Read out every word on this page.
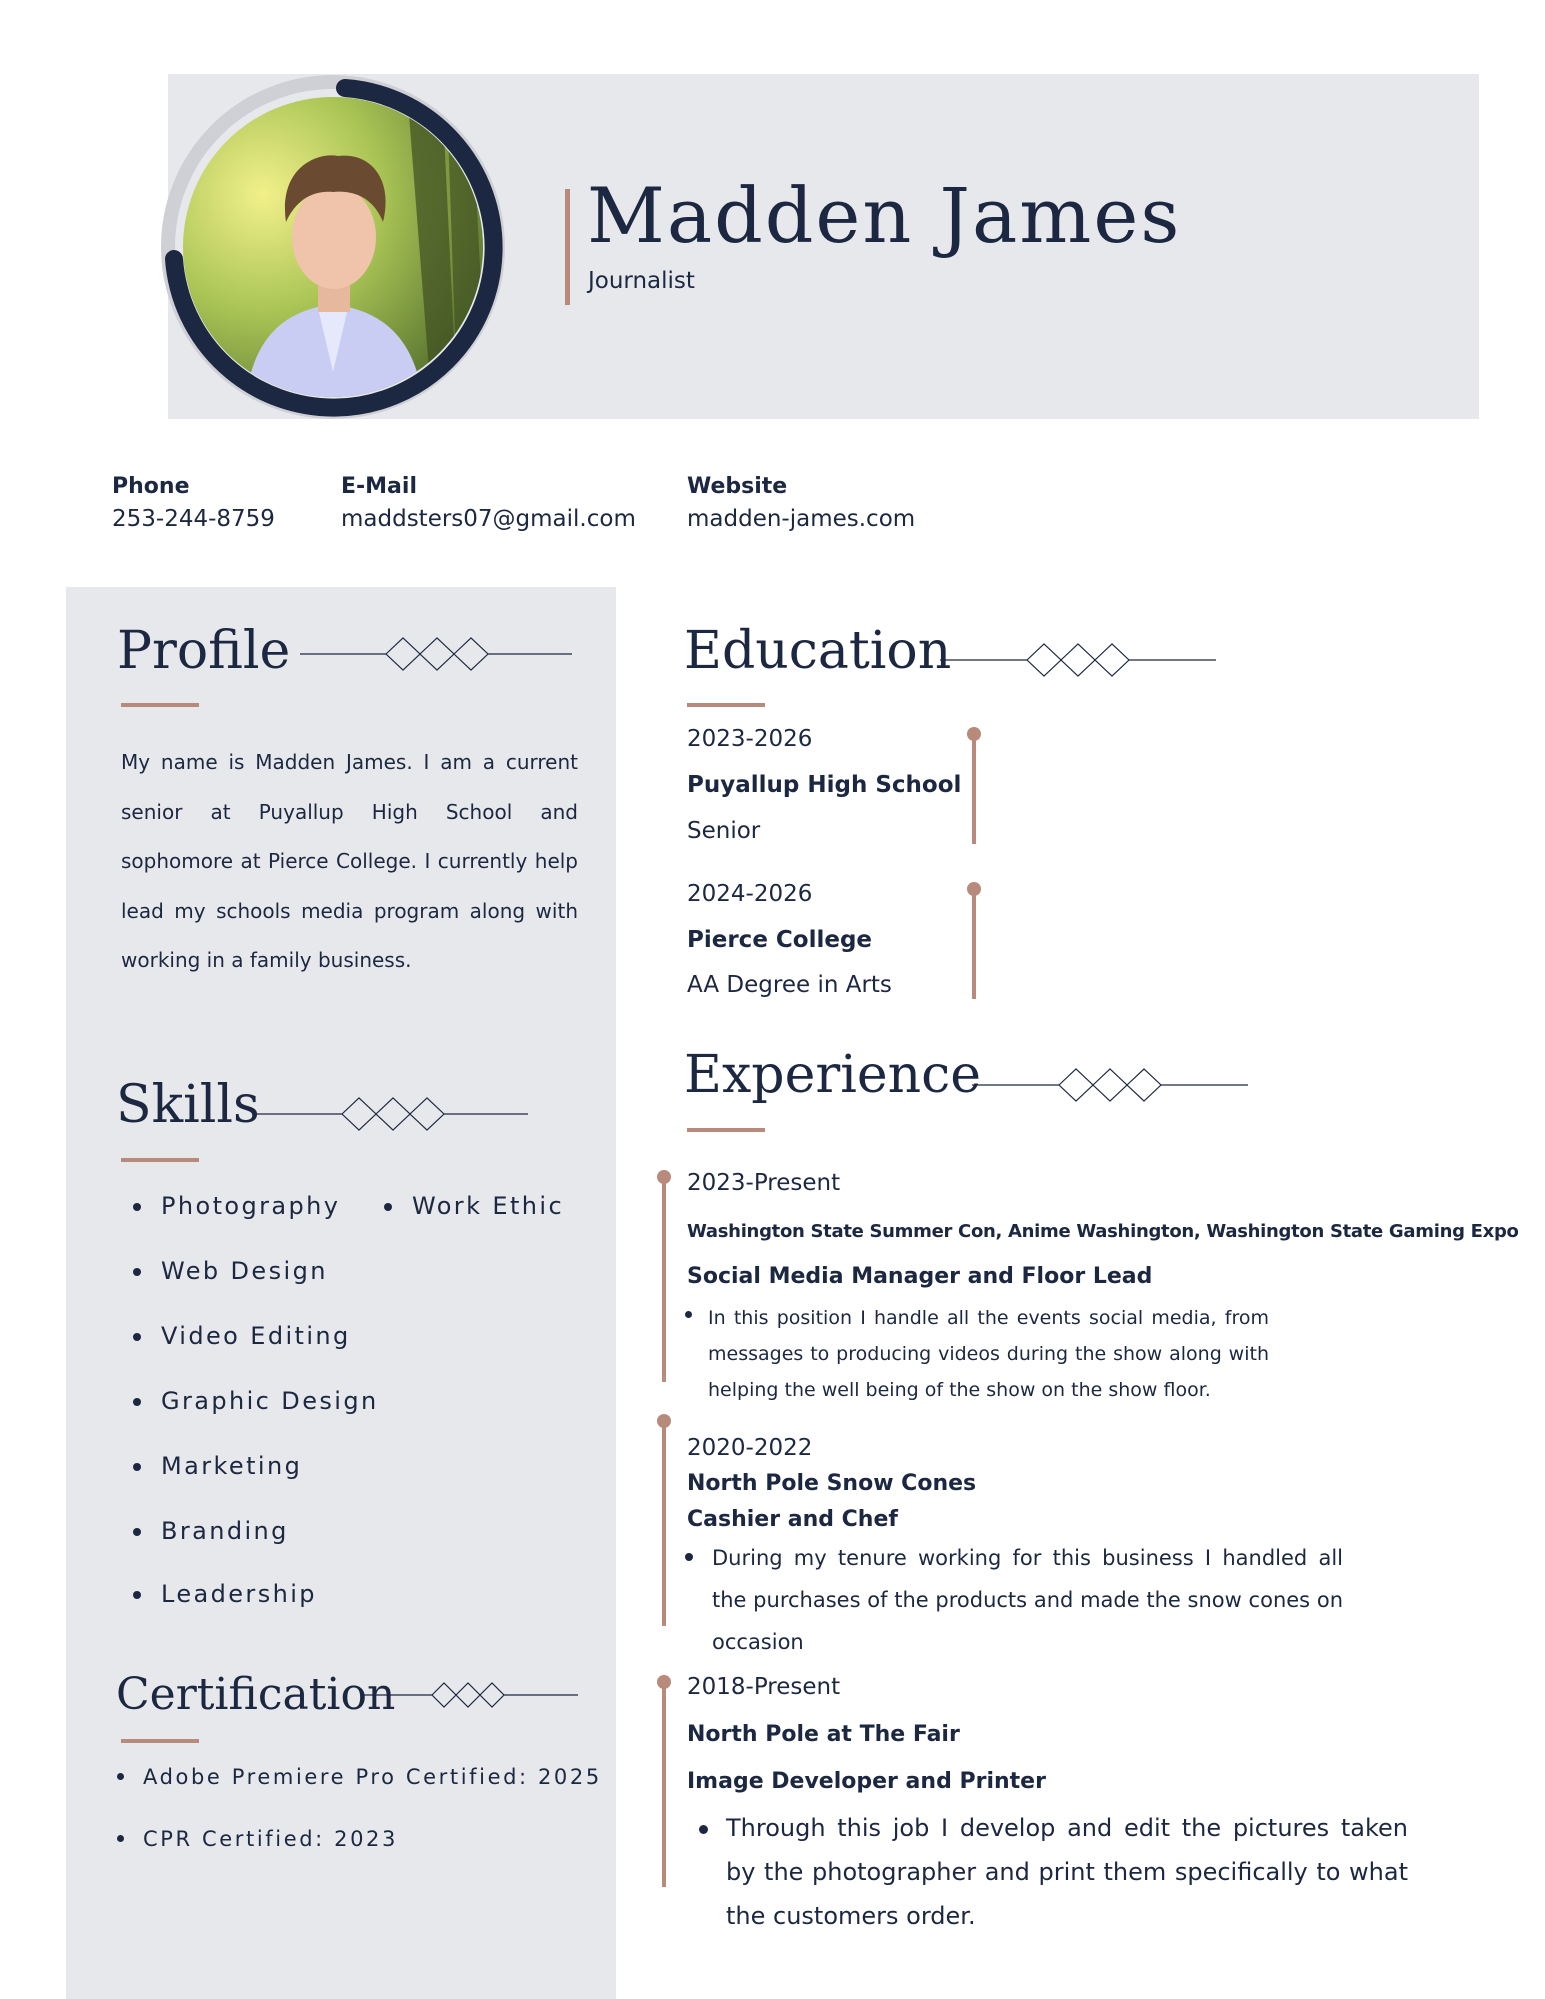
Madden James
Journalist
Phone
253-244-8759
E-Mail
maddsters07@gmail.com
Website
madden-james.com
Profile
My name is Madden James. I am a current senior at Puyallup High School and sophomore at Pierce College. I currently help lead my schools media program along with working in a family business.
Skills
Photography	Work Ethic
Web Design
Video Editing
Graphic Design
Marketing
Branding
Leadership
Certification
Adobe Premiere Pro Certified: 2025
CPR Certified: 2023
Education
2023-2026
Puyallup High School
Senior
2024-2026
Pierce College
AA Degree in Arts
Experience
2023-Present
Washington State Summer Con, Anime Washington, Washington State Gaming Expo
Social Media Manager and Floor Lead
In this position I handle all the events social media, from messages to producing videos during the show along with helping the well being of the show on the show floor.
2020-2022
North Pole Snow Cones
Cashier and Chef
During my tenure working for this business I handled all the purchases of the products and made the snow cones on occasion
2018-Present
North Pole at The Fair
Image Developer and Printer
Through this job I develop and edit the pictures taken by the photographer and print them specifically to what the customers order.
